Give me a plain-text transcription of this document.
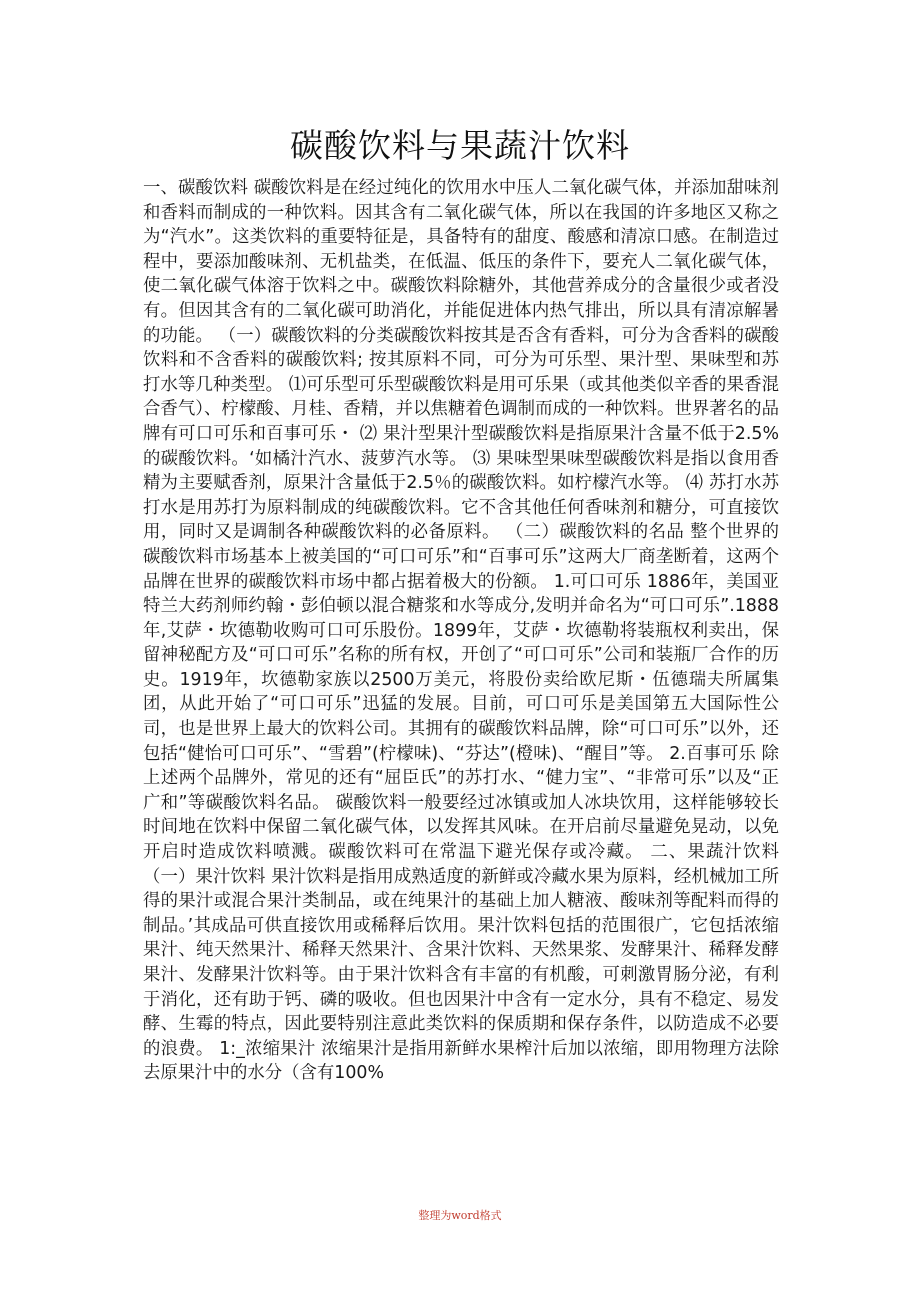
碳酸饮料与果蔬汁饮料

一、碳酸饮料 碳酸饮料是在经过纯化的饮用水中压人二氧化碳气体，并添加甜味剂和香料而制成的一种饮料。因其含有二氧化碳气体，所以在我国的许多地区又称之为“汽水”。这类饮料的重要特征是，具备特有的甜度、酸感和清凉口感。在制造过程中，要添加酸味剂、无机盐类，在低温、低压的条件下，要充人二氧化碳气体，使二氧化碳气体溶于饮料之中。碳酸饮料除糖外，其他营养成分的含量很少或者没有。但因其含有的二氧化碳可助消化，并能促进体内热气排出，所以具有清凉解暑的功能。 （一）碳酸饮料的分类碳酸饮料按其是否含有香料，可分为含香料的碳酸饮料和不含香料的碳酸饮料; 按其原料不同，可分为可乐型、果汁型、果味型和苏打水等几种类型。 ⑴可乐型可乐型碳酸饮料是用可乐果（或其他类似辛香的果香混合香气）、柠檬酸、月桂、香精，并以焦糖着色调制而成的一种饮料。世界著名的品牌有可口可乐和百事可乐・ ⑵ 果汁型果汁型碳酸饮料是指原果汁含量不低于2.5%的碳酸饮料。‘如橘汁汽水、菠萝汽水等。 ⑶ 果味型果味型碳酸饮料是指以食用香精为主要赋香剂，原果汁含量低于2.5％的碳酸饮料。如柠檬汽水等。 ⑷ 苏打水苏打水是用苏打为原料制成的纯碳酸饮料。它不含其他任何香味剂和糖分，可直接饮用，同时又是调制各种碳酸饮料的必备原料。 （二）碳酸饮料的名品 整个世界的碳酸饮料市场基本上被美国的“可口可乐”和“百事可乐”这两大厂商垄断着，这两个品牌在世界的碳酸饮料市场中都占据着极大的份额。 1.可口可乐 1886年，美国亚特兰大药剂师约翰・彭伯顿以混合糖浆和水等成分,发明并命名为“可口可乐”.1888年,艾萨・坎德勒收购可口可乐股份。1899年，艾萨・坎德勒将装瓶权利卖出，保留神秘配方及“可口可乐”名称的所有权，开创了“可口可乐”公司和装瓶厂合作的历史。1919年，坎德勒家族以2500万美元，将股份卖给欧尼斯・伍德瑞夫所属集团，从此开始了“可口可乐”迅猛的发展。目前，可口可乐是美国第五大国际性公司，也是世界上最大的饮料公司。其拥有的碳酸饮料品牌，除“可口可乐”以外，还包括“健怡可口可乐”、“雪碧”(柠檬味)、“芬达”(橙味)、“醒目”等。 2.百事可乐 除上述两个品牌外，常见的还有“屈臣氏”的苏打水、“健力宝”、“非常可乐”以及“正广和”等碳酸饮料名品。 碳酸饮料一般要经过冰镇或加人冰块饮用，这样能够较长时间地在饮料中保留二氧化碳气体，以发挥其风味。在开启前尽量避免晃动，以免开启时造成饮料喷溅。碳酸饮料可在常温下避光保存或冷藏。 二、果蔬汁饮料 （一）果汁饮料 果汁饮料是指用成熟适度的新鲜或冷藏水果为原料，经机械加工所得的果汁或混合果汁类制品，或在纯果汁的基础上加人糖液、酸味剂等配料而得的制品。’其成品可供直接饮用或稀释后饮用。果汁饮料包括的范围很广，它包括浓缩果汁、纯天然果汁、稀释天然果汁、含果汁饮料、天然果浆、发酵果汁、稀释发酵果汁、发酵果汁饮料等。由于果汁饮料含有丰富的有机酸，可刺激胃肠分泌，有利于消化，还有助于钙、磷的吸收。但也因果汁中含有一定水分，具有不稳定、易发酵、生霉的特点，因此要特别注意此类饮料的保质期和保存条件，以防造成不必要的浪费。 1:_浓缩果汁 浓缩果汁是指用新鲜水果榨汁后加以浓缩，即用物理方法除去原果汁中的水分（含有100%

整理为word格式
